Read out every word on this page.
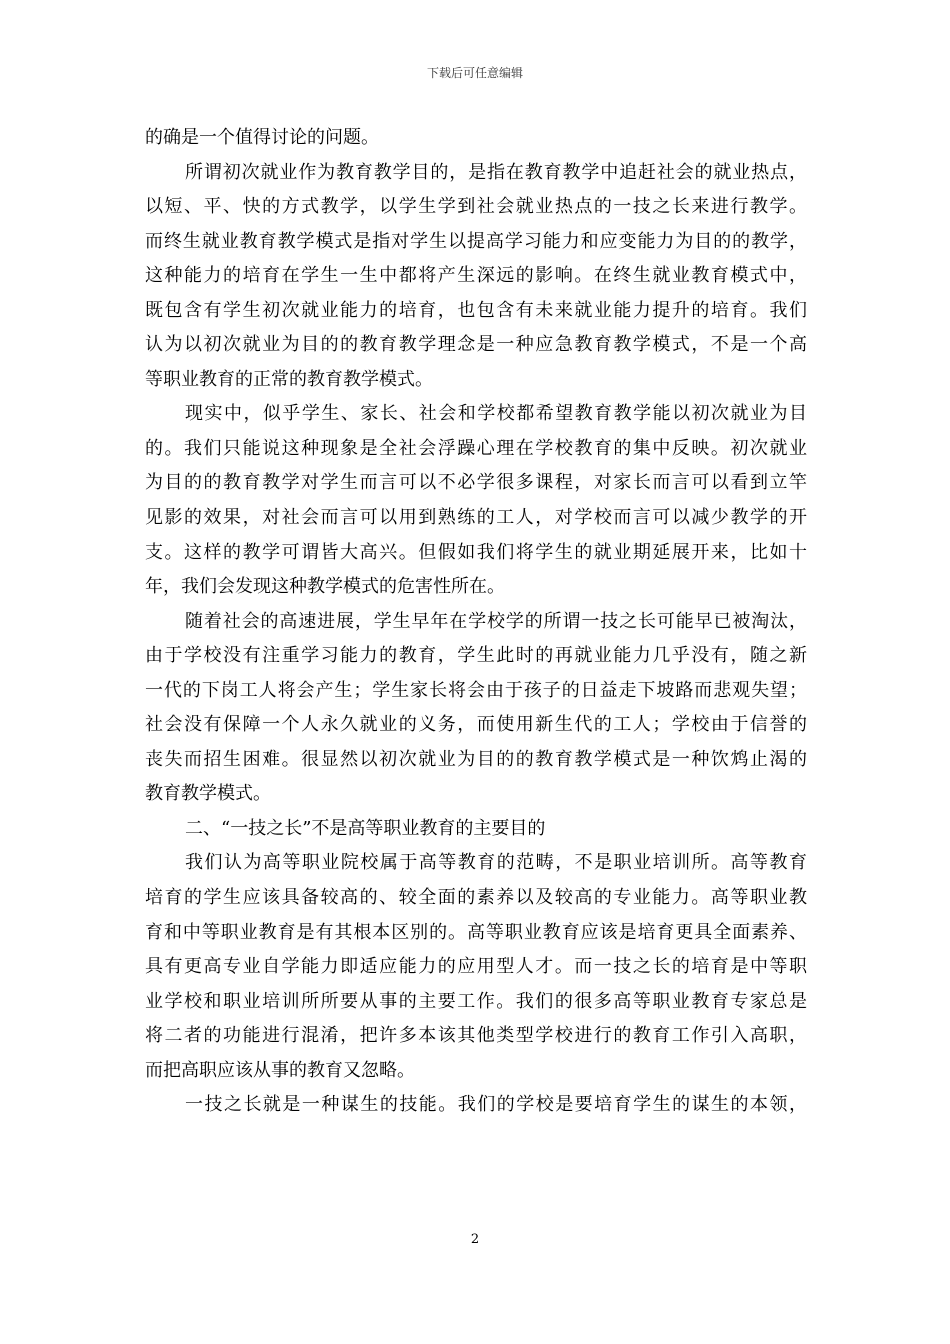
下载后可任意编辑
的确是一个值得讨论的问题。
所谓初次就业作为教育教学目的，是指在教育教学中追赶社会的就业热点，
以短、平、快的方式教学，以学生学到社会就业热点的一技之长来进行教学。
而终生就业教育教学模式是指对学生以提高学习能力和应变能力为目的的教学，
这种能力的培育在学生一生中都将产生深远的影响。在终生就业教育模式中，
既包含有学生初次就业能力的培育，也包含有未来就业能力提升的培育。我们
认为以初次就业为目的的教育教学理念是一种应急教育教学模式，不是一个高
等职业教育的正常的教育教学模式。
现实中，似乎学生、家长、社会和学校都希望教育教学能以初次就业为目
的。我们只能说这种现象是全社会浮躁心理在学校教育的集中反映。初次就业
为目的的教育教学对学生而言可以不必学很多课程，对家长而言可以看到立竿
见影的效果，对社会而言可以用到熟练的工人，对学校而言可以减少教学的开
支。这样的教学可谓皆大高兴。但假如我们将学生的就业期延展开来，比如十
年，我们会发现这种教学模式的危害性所在。
随着社会的高速进展，学生早年在学校学的所谓一技之长可能早已被淘汰，
由于学校没有注重学习能力的教育，学生此时的再就业能力几乎没有，随之新
一代的下岗工人将会产生；学生家长将会由于孩子的日益走下坡路而悲观失望；
社会没有保障一个人永久就业的义务，而使用新生代的工人；学校由于信誉的
丧失而招生困难。很显然以初次就业为目的的教育教学模式是一种饮鸩止渴的
教育教学模式。
二、“一技之长”不是高等职业教育的主要目的
我们认为高等职业院校属于高等教育的范畴，不是职业培训所。高等教育
培育的学生应该具备较高的、较全面的素养以及较高的专业能力。高等职业教
育和中等职业教育是有其根本区别的。高等职业教育应该是培育更具全面素养、
具有更高专业自学能力即适应能力的应用型人才。而一技之长的培育是中等职
业学校和职业培训所所要从事的主要工作。我们的很多高等职业教育专家总是
将二者的功能进行混淆，把许多本该其他类型学校进行的教育工作引入高职，
而把高职应该从事的教育又忽略。
一技之长就是一种谋生的技能。我们的学校是要培育学生的谋生的本领，
2
